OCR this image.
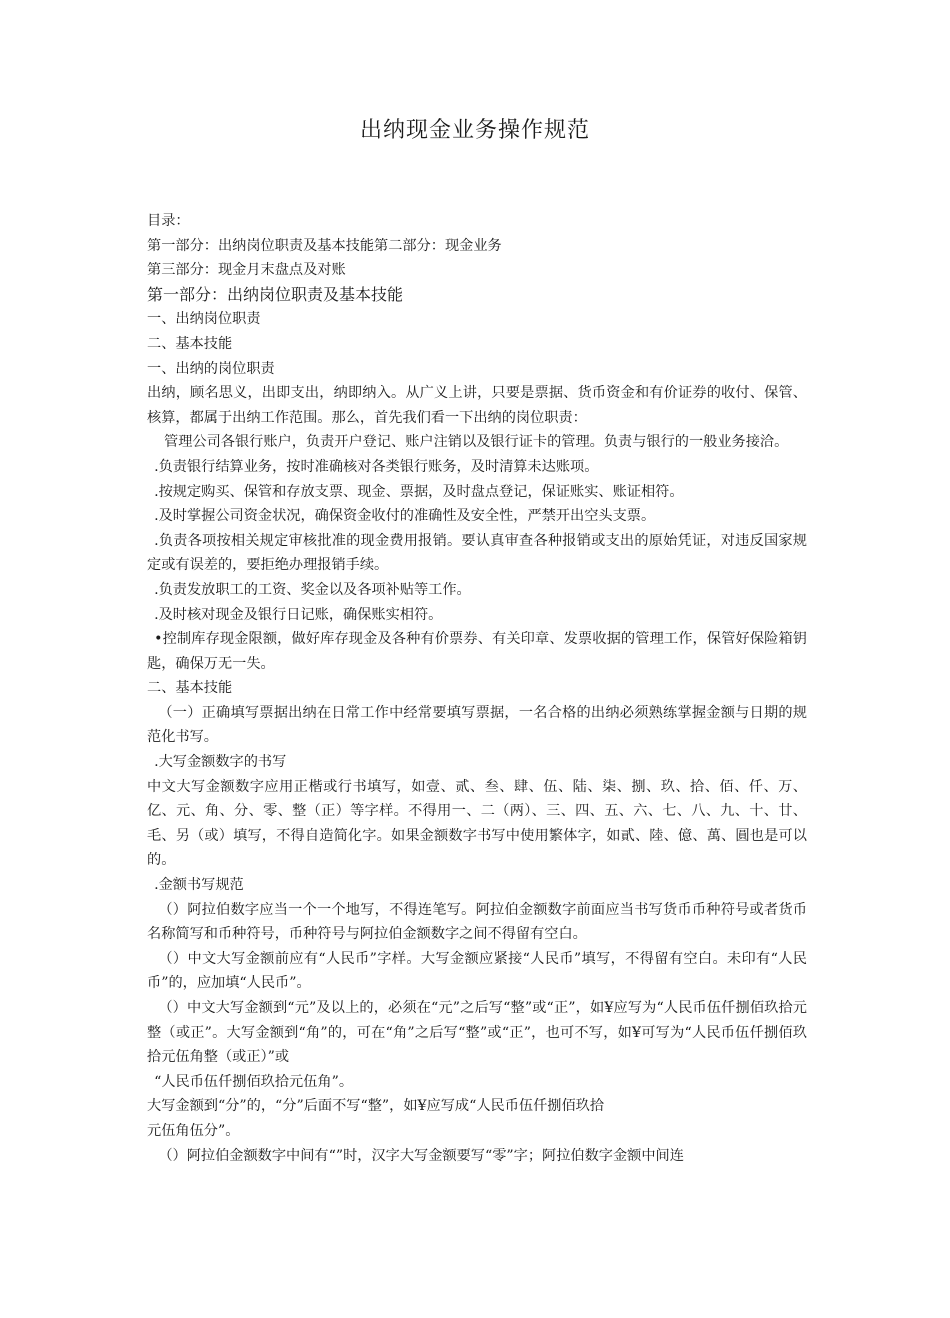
出纳现金业务操作规范

目录：

第一部分：出纳岗位职责及基本技能第二部分：现金业务

第三部分：现金月末盘点及对账

第一部分：出纳岗位职责及基本技能

一、出纳岗位职责

二、基本技能

一、出纳的岗位职责

出纳，顾名思义，出即支出，纳即纳入。从广义上讲，只要是票据、货币资金和有价证券的收付、保管、核算，都属于出纳工作范围。那么，首先我们看一下出纳的岗位职责：

管理公司各银行账户，负责开户登记、账户注销以及银行证卡的管理。负责与银行的一般业务接洽。

.负责银行结算业务，按时准确核对各类银行账务，及时清算未达账项。

.按规定购买、保管和存放支票、现金、票据，及时盘点登记，保证账实、账证相符。

.及时掌握公司资金状况，确保资金收付的准确性及安全性，严禁开出空头支票。

.负责各项按相关规定审核批准的现金费用报销。要认真审查各种报销或支出的原始凭证，对违反国家规定或有误差的，要拒绝办理报销手续。

.负责发放职工的工资、奖金以及各项补贴等工作。

.及时核对现金及银行日记账，确保账实相符。

•控制库存现金限额，做好库存现金及各种有价票券、有关印章、发票收据的管理工作，保管好保险箱钥匙，确保万无一失。

二、基本技能

（一）正确填写票据出纳在日常工作中经常要填写票据，一名合格的出纳必须熟练掌握金额与日期的规范化书写。

.大写金额数字的书写

中文大写金额数字应用正楷或行书填写，如壹、贰、叁、肆、伍、陆、柒、捌、玖、拾、佰、仟、万、亿、元、角、分、零、整（正）等字样。不得用一、二（两）、三、四、五、六、七、八、九、十、廿、毛、另（或）填写，不得自造简化字。如果金额数字书写中使用繁体字，如貳、陸、億、萬、圓也是可以的。

.金额书写规范

（）阿拉伯数字应当一个一个地写，不得连笔写。阿拉伯金额数字前面应当书写货币币种符号或者货币名称简写和币种符号，币种符号与阿拉伯金额数字之间不得留有空白。

（）中文大写金额前应有“人民币”字样。大写金额应紧接“人民币”填写，不得留有空白。未印有“人民币”的，应加填“人民币”。

（）中文大写金额到“元”及以上的，必须在“元”之后写“整”或“正”，如¥应写为“人民币伍仟捌佰玖拾元整（或正”。大写金额到“角”的，可在“角”之后写“整”或“正”，也可不写，如¥可写为“人民币伍仟捌佰玖拾元伍角整（或正）”或

“人民币伍仟捌佰玖拾元伍角”。

大写金额到“分”的，“分”后面不写“整”，如¥应写成“人民币伍仟捌佰玖拾

元伍角伍分”。

（）阿拉伯金额数字中间有“”时，汉字大写金额要写“零”字；阿拉伯数字金额中间连
